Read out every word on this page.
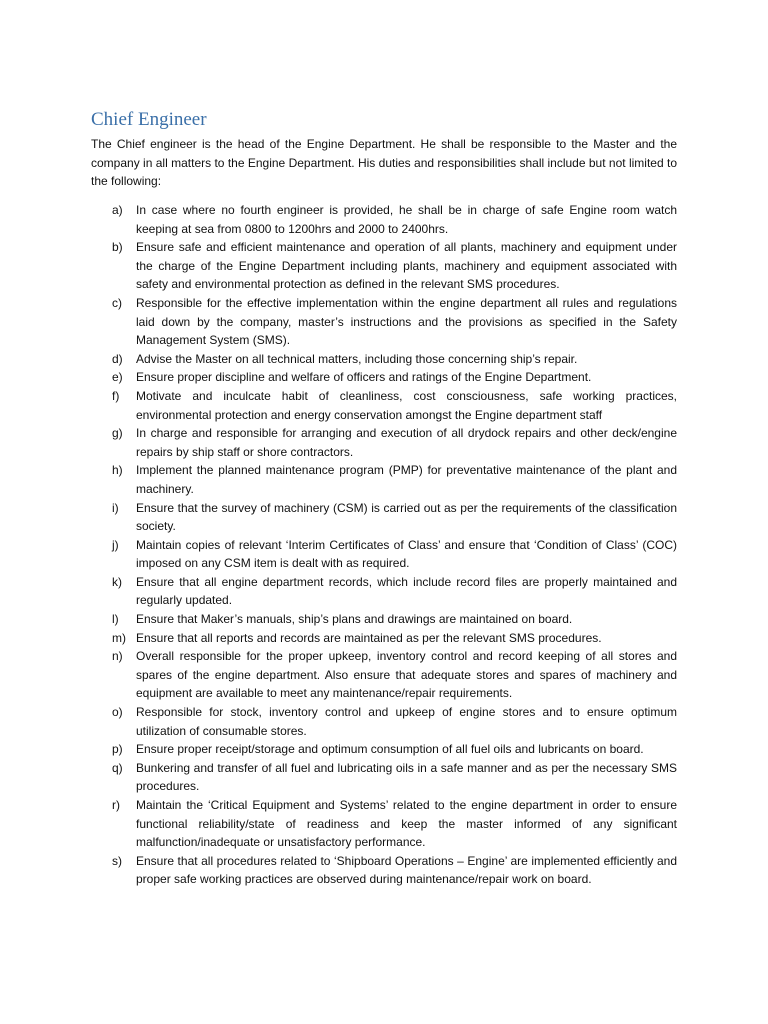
Chief Engineer

The Chief engineer is the head of the Engine Department. He shall be responsible to the Master and the company in all matters to the Engine Department. His duties and responsibilities shall include but not limited to the following:

a)	In case where no fourth engineer is provided, he shall be in charge of safe Engine room watch keeping at sea from 0800 to 1200hrs and 2000 to 2400hrs.
b)	Ensure safe and efficient maintenance and operation of all plants, machinery and equipment under the charge of the Engine Department including plants, machinery and equipment associated with safety and environmental protection as defined in the relevant SMS procedures.
c)	Responsible for the effective implementation within the engine department all rules and regulations laid down by the company, master’s instructions and the provisions as specified in the Safety Management System (SMS).
d)	Advise the Master on all technical matters, including those concerning ship’s repair.
e)	Ensure proper discipline and welfare of officers and ratings of the Engine Department.
f)	Motivate and inculcate habit of cleanliness, cost consciousness, safe working practices, environmental protection and energy conservation amongst the Engine department staff
g)	In charge and responsible for arranging and execution of all drydock repairs and other deck/engine repairs by ship staff or shore contractors.
h)	Implement the planned maintenance program (PMP) for preventative maintenance of the plant and machinery.
i)	Ensure that the survey of machinery (CSM) is carried out as per the requirements of the classification society.
j)	Maintain copies of relevant ‘Interim Certificates of Class’ and ensure that ‘Condition of Class’ (COC) imposed on any CSM item is dealt with as required.
k)	Ensure that all engine department records, which include record files are properly maintained and regularly updated.
l)	Ensure that Maker’s manuals, ship’s plans and drawings are maintained on board.
m) Ensure that all reports and records are maintained as per the relevant SMS procedures.
n)	Overall responsible for the proper upkeep, inventory control and record keeping of all stores and spares of the engine department. Also ensure that adequate stores and spares of machinery and equipment are available to meet any maintenance/repair requirements.
o)	Responsible for stock, inventory control and upkeep of engine stores and to ensure optimum utilization of consumable stores.
p)	Ensure proper receipt/storage and optimum consumption of all fuel oils and lubricants on board.
q)	Bunkering and transfer of all fuel and lubricating oils in a safe manner and as per the necessary SMS procedures.
r)	Maintain the ‘Critical Equipment and Systems’ related to the engine department in order to ensure functional reliability/state of readiness and keep the master informed of any significant malfunction/inadequate or unsatisfactory performance.
s)	Ensure that all procedures related to ‘Shipboard Operations – Engine’ are implemented efficiently and proper safe working practices are observed during maintenance/repair work on board.
